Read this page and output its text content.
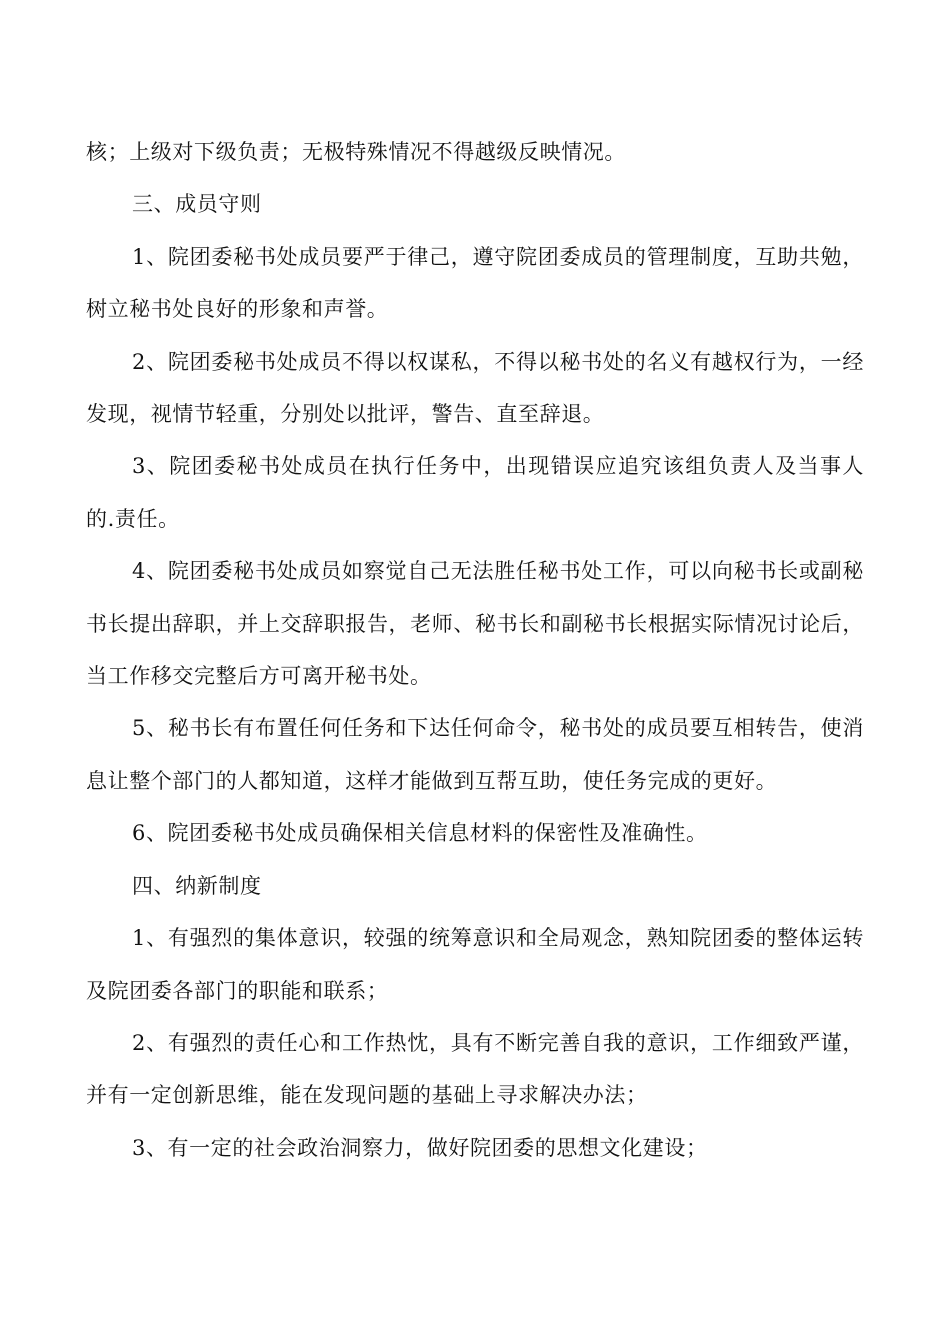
核；上级对下级负责；无极特殊情况不得越级反映情况。

三、成员守则

1、院团委秘书处成员要严于律己，遵守院团委成员的管理制度，互助共勉，树立秘书处良好的形象和声誉。

2、院团委秘书处成员不得以权谋私，不得以秘书处的名义有越权行为，一经发现，视情节轻重，分别处以批评，警告、直至辞退。

3、院团委秘书处成员在执行任务中，出现错误应追究该组负责人及当事人的.责任。

4、院团委秘书处成员如察觉自己无法胜任秘书处工作，可以向秘书长或副秘书长提出辞职，并上交辞职报告，老师、秘书长和副秘书长根据实际情况讨论后，当工作移交完整后方可离开秘书处。

5、秘书长有布置任何任务和下达任何命令，秘书处的成员要互相转告，使消息让整个部门的人都知道，这样才能做到互帮互助，使任务完成的更好。

6、院团委秘书处成员确保相关信息材料的保密性及准确性。

四、纳新制度

1、有强烈的集体意识，较强的统筹意识和全局观念，熟知院团委的整体运转及院团委各部门的职能和联系；

2、有强烈的责任心和工作热忱，具有不断完善自我的意识，工作细致严谨，并有一定创新思维，能在发现问题的基础上寻求解决办法；

3、有一定的社会政治洞察力，做好院团委的思想文化建设；
